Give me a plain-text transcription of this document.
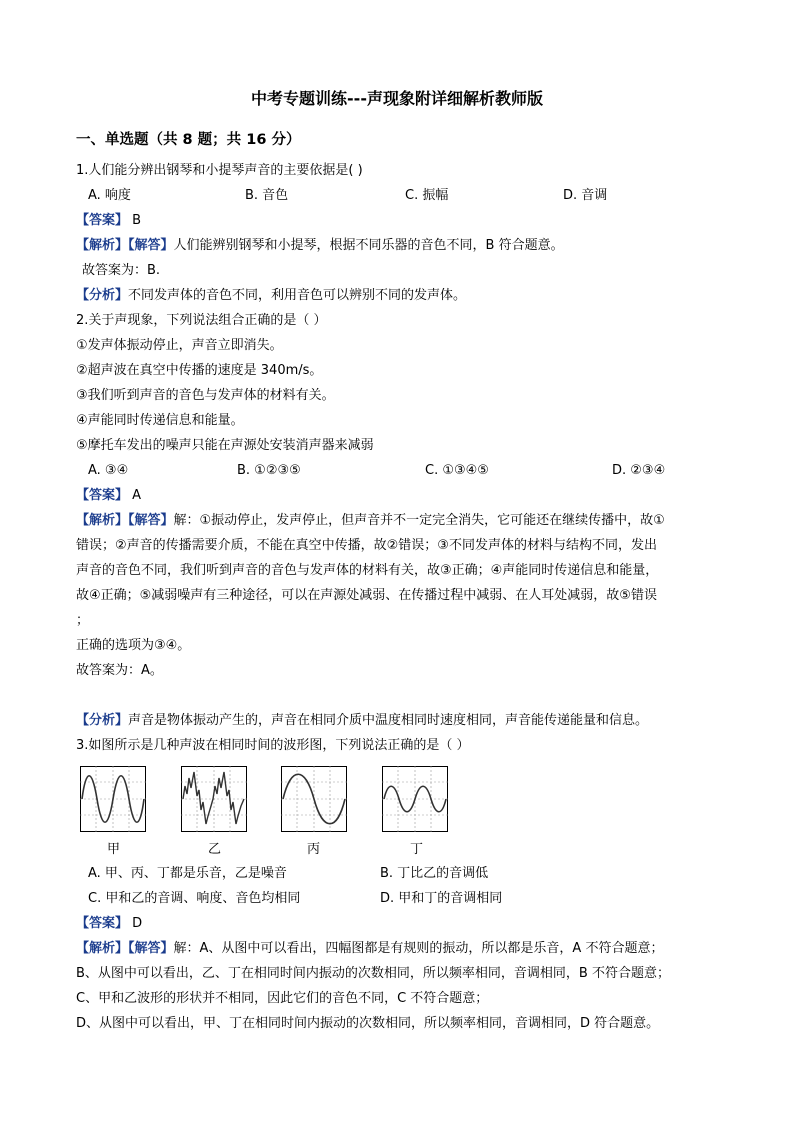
中考专题训练---声现象附详细解析教师版
一、单选题（共 8 题；共 16 分）
1.人们能分辨出钢琴和小提琴声音的主要依据是( )
A. 响度	B. 音色	C. 振幅	D. 音调
【答案】 B
【解析】【解答】人们能辨别钢琴和小提琴，根据不同乐器的音色不同，B 符合题意。
故答案为：B.
【分析】不同发声体的音色不同，利用音色可以辨别不同的发声体。
2.关于声现象，下列说法组合正确的是（ ）
①发声体振动停止，声音立即消失。
②超声波在真空中传播的速度是 340m/s。
③我们听到声音的音色与发声体的材料有关。
④声能同时传递信息和能量。
⑤摩托车发出的噪声只能在声源处安装消声器来减弱
A. ③④	B. ①②③⑤	C. ①③④⑤	D. ②③④
【答案】 A
【解析】【解答】解：①振动停止，发声停止，但声音并不一定完全消失，它可能还在继续传播中，故①
错误；②声音的传播需要介质，不能在真空中传播，故②错误；③不同发声体的材料与结构不同，发出
声音的音色不同，我们听到声音的音色与发声体的材料有关，故③正确；④声能同时传递信息和能量，
故④正确；⑤减弱噪声有三种途径，可以在声源处减弱、在传播过程中减弱、在人耳处减弱，故⑤错误
；
正确的选项为③④。
故答案为：A。
【分析】声音是物体振动产生的，声音在相同介质中温度相同时速度相同，声音能传递能量和信息。
3.如图所示是几种声波在相同时间的波形图，下列说法正确的是（ ）
甲	乙	丙	丁
A. 甲、丙、丁都是乐音，乙是噪音	B. 丁比乙的音调低
C. 甲和乙的音调、响度、音色均相同	D. 甲和丁的音调相同
【答案】 D
【解析】【解答】解：A、从图中可以看出，四幅图都是有规则的振动，所以都是乐音，A 不符合题意；
B、从图中可以看出，乙、丁在相同时间内振动的次数相同，所以频率相同，音调相同，B 不符合题意；
C、甲和乙波形的形状并不相同，因此它们的音色不同，C 不符合题意；
D、从图中可以看出，甲、丁在相同时间内振动的次数相同，所以频率相同，音调相同，D 符合题意。
